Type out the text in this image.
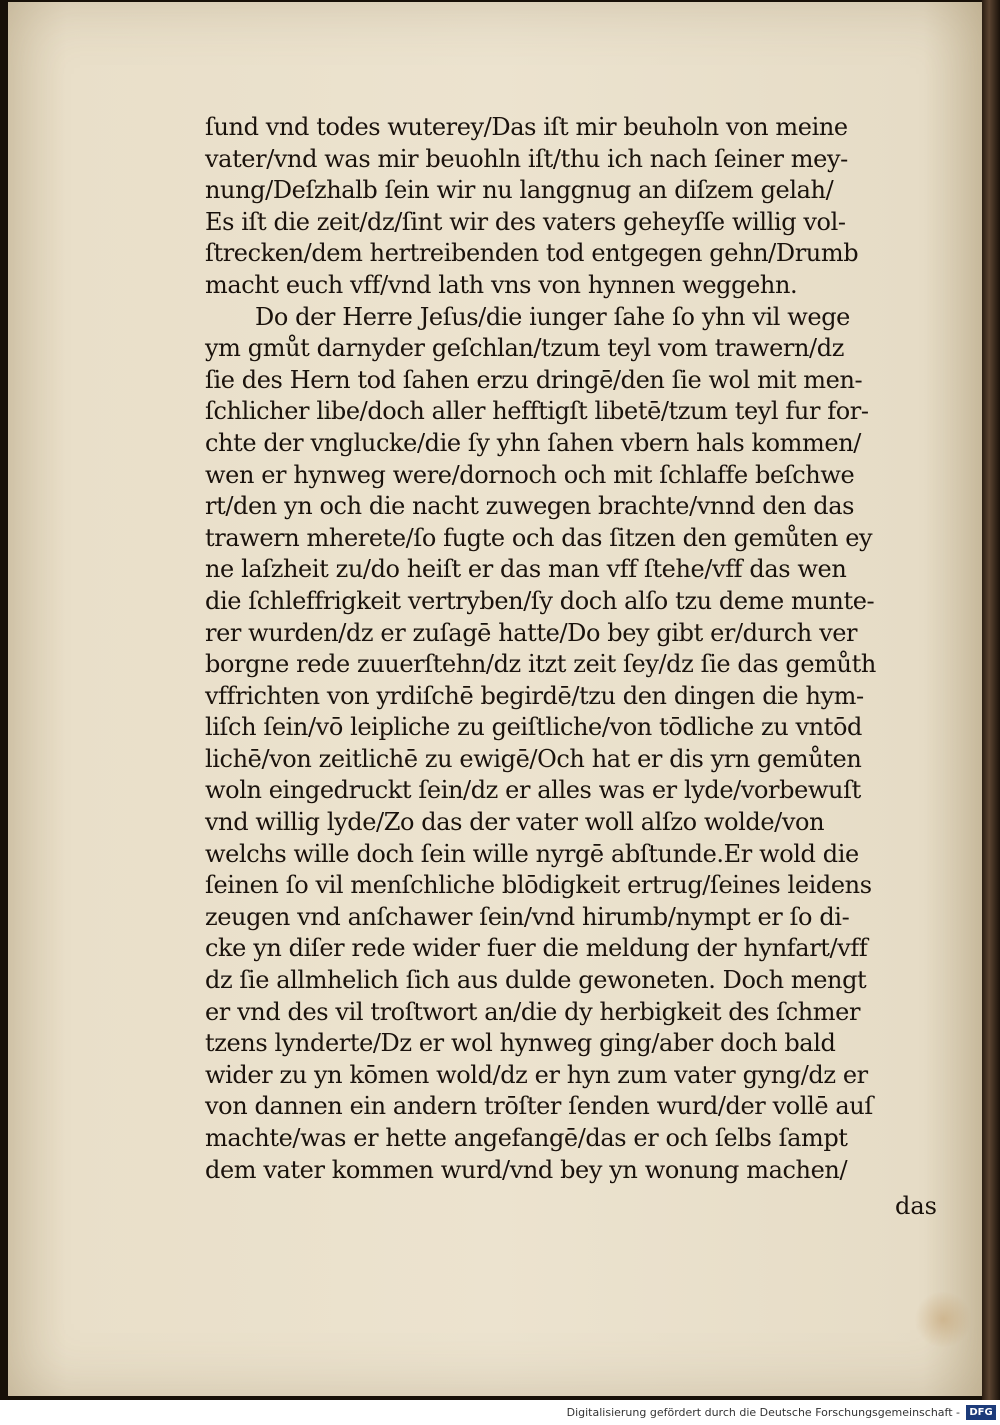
ſund vnd todes wuterey/Das iſt mir beuholn von meine
vater/vnd was mir beuohln iſt/thu ich nach ſeiner mey-
nung/Deſzhalb ſein wir nu langgnug an diſzem gelah/
Es iſt die zeit/dz/ſint wir des vaters geheyſſe willig vol-
ſtrecken/dem hertreibenden tod entgegen gehn/Drumb
macht euch vff/vnd lath vns von hynnen weggehn.
Do der Herre Jeſus/die iunger ſahe ſo yhn vil wege
ym gmůt darnyder geſchlan/tzum teyl vom trawern/dz
ſie des Hern tod ſahen erzu dringē/den ſie wol mit men-
ſchlicher libe/doch aller hefftigſt libetē/tzum teyl fur for-
chte der vnglucke/die ſy yhn ſahen vbern hals kommen/
wen er hynweg were/dornoch och mit ſchlaffe beſchwe
rt/den yn och die nacht zuwegen brachte/vnnd den das
trawern mherete/ſo fugte och das ſitzen den gemůten ey
ne laſzheit zu/do heiſt er das man vff ſtehe/vff das wen
die ſchleffrigkeit vertryben/ſy doch alſo tzu deme munte-
rer wurden/dz er zuſagē hatte/Do bey gibt er/durch ver
borgne rede zuuerſtehn/dz itzt zeit ſey/dz ſie das gemůth
vffrichten von yrdiſchē begirdē/tzu den dingen die hym-
liſch ſein/vō leipliche zu geiſtliche/von tōdliche zu vntōd
lichē/von zeitlichē zu ewigē/Och hat er dis yrn gemůten
woln eingedruckt ſein/dz er alles was er lyde/vorbewuſt
vnd willig lyde/Zo das der vater woll alſzo wolde/von
welchs wille doch ſein wille nyrgē abſtunde.Er wold die
ſeinen ſo vil menſchliche blōdigkeit ertrug/ſeines leidens
zeugen vnd anſchawer ſein/vnd hirumb/nympt er ſo di-
cke yn diſer rede wider fuer die meldung der hynfart/vff
dz ſie allmhelich ſich aus dulde gewoneten. Doch mengt
er vnd des vil troſtwort an/die dy herbigkeit des ſchmer
tzens lynderte/Dz er wol hynweg ging/aber doch bald
wider zu yn kōmen wold/dz er hyn zum vater gyng/dz er
von dannen ein andern trōſter ſenden wurd/der vollē auſ
machte/was er hette angefangē/das er och ſelbs ſampt
dem vater kommen wurd/vnd bey yn wonung machen/
das
Digitalisierung gefördert durch die Deutsche Forschungsgemeinschaft - DFG
